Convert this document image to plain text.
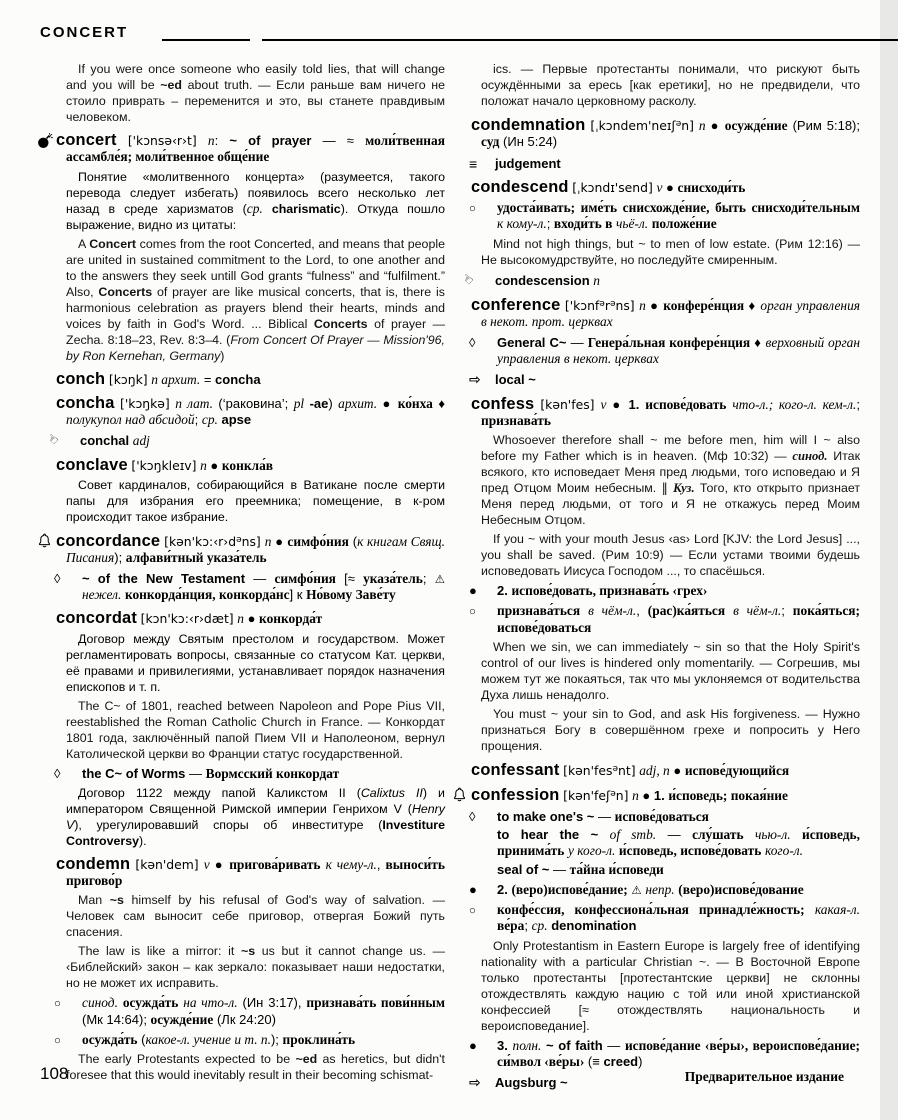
CONCERT

If you were once someone who easily told lies, that will change and you will be ~ed about truth. — Если раньше вам ничего не стоило приврать – переменится и это, вы станете правдивым человеком.

concert ['kɔnsə‹r›t] n: ~ of prayer — ≈ моли́твенная ассамбле́я; моли́твенное обще́ние

Понятие «молитвенного концерта» (разумеется, такого перевода следует избегать) появилось всего несколько лет назад в среде харизматов (ср. charismatic). Откуда пошло выражение, видно из цитаты:

A Concert comes from the root Concerted, and means that people are united in sustained commitment to the Lord, to one another and to the answers they seek untill God grants “fulness” and “fulfilment.” Also, Concerts of prayer are like musical concerts, that is, there is harmonious celebration as prayers blend their hearts, minds and voices by faith in God's Word. ... Biblical Concerts of prayer — Zecha. 8:18–23, Rev. 8:3–4. (From Concert Of Prayer — Mission'96, by Ron Kernehan, Germany)

conch [kɔŋk] n архит. = concha

concha ['kɔŋkə] n лат. (‘раковина’; pl -ae) архит. ● ко́нха ♦ полукупол над абсидой; ср. apse

☜ conchal adj

conclave ['kɔŋkleɪv] n ● конкла́в

Совет кардиналов, собирающийся в Ватикане после смерти папы для избрания его преемника; помещение, в к-ром происходит такое избрание.

concordance $[kən'kɔ:‹r›d^əns]$ n ● симфо́ния (к книгам Свящ. Писания); алфави́тный указа́тель

◊ ~ of the New Testament — симфо́ния [≈ указа́тель; ⚠ нежел. конкорда́нция, конкорда́нс] к Но́вому Заве́ту

concordat [kɔn'kɔ:‹r›dæt] n ● конкорда́т

Договор между Святым престолом и государством. Может регламентировать вопросы, связанные со статусом Кат. церкви, её правами и привилегиями, устанавливает порядок назначения епископов и т. п.

The C~ of 1801, reached between Napoleon and Pope Pius VII, reestablished the Roman Catholic Church in France. — Конкордат 1801 года, заключённый папой Пием VII и Наполеоном, вернул Католической церкви во Франции статус государственной.

◊ the C~ of Worms — Вормсский конкордат

Договор 1122 между папой Каликстом II (Calixtus II) и императором Священной Римской империи Генрихом V (Henry V), урегулировавший споры об инвеституре (Investiture Controversy).

condemn [kən'dem] v ● пригова́ривать к чему-л., выноси́ть пригово́р

Man ~s himself by his refusal of God's way of salvation. — Человек сам выносит себе приговор, отвергая Божий путь спасения.

The law is like a mirror: it ~s us but it cannot change us. — ‹Библейский› закон – как зеркало: показывает наши недостатки, но не может их исправить.

○ синод. осужда́ть на что-л. (Ин 3:17), признава́ть пови́нным (Мк 14:64); осужде́ние (Лк 24:20)

○ осужда́ть (какое-л. учение и т. п.); проклина́ть

The early Protestants expected to be ~ed as heretics, but didn't foresee that this would inevitably result in their becoming schismat-

ics. — Первые протестанты понимали, что рискуют быть осуждёнными за ересь [как еретики], но не предвидели, что положат начало церковному расколу.

condemnation [ˌkɔndem'neɪʃ$^ə$n] n ● осужде́ние (Рим 5:18); суд (Ин 5:24)

≡ judgement

condescend [ˌkɔndɪ'send] v ● снисходи́ть

○ удоста́ивать; име́ть снисхожде́ние, быть снисходи́тельным к кому-л.; входи́ть в чьё-л. положе́ние

Mind not high things, but ~ to men of low estate. (Рим 12:16) — Не высокомудрствуйте, но последуйте смиренным.

☜ condescension n

conference $['kɔnf^ər^əns]$ n ● конфере́нция ♦ орган управления в некот. прот. церквах

◊ General C~ — Генера́льная конфере́нция ♦ верховный орган управления в некот. церквах

⇨ local ~

confess [kən'fes] v ● 1. испове́довать что-л.; кого-л. кем-л.; признава́ть

Whosoever therefore shall ~ me before men, him will I ~ also before my Father which is in heaven. (Мф 10:32) — синод. Итак всякого, кто исповедает Меня пред людьми, того исповедаю и Я пред Отцом Моим небесным. ‖ Куз. Того, кто открыто признает Меня перед людьми, от того и Я не откажусь перед Моим Небесным Отцом.

If you ~ with your mouth Jesus ‹as› Lord [KJV: the Lord Jesus] ..., you shall be saved. (Рим 10:9) — Если устами твоими будешь исповедовать Иисуса Господом ..., то спасёшься.

● 2. испове́довать, признава́ть ‹грех›

○ признава́ться в чём-л., (рас)ка́яться в чём-л.; пока́яться; испове́доваться

When we sin, we can immediately ~ sin so that the Holy Spirit's control of our lives is hindered only momentarily. — Согрешив, мы можем тут же покаяться, так что мы уклоняемся от водительства Духа лишь ненадолго.

You must ~ your sin to God, and ask His forgiveness. — Нужно признаться Богу в совершённом грехе и попросить у Него прощения.

confessant [kən'fes$^ə$nt] adj, n ● испове́дующийся

confession [kən'feʃ$^ə$n] n ● 1. и́споведь; покая́ние

◊ to make one's ~ — испове́доваться

to hear the ~ of smb. — слу́шать чью-л. и́споведь, принима́ть у кого-л. и́споведь, испове́довать кого-л.

seal of ~ — та́йна и́споведи

● 2. (веро)испове́дание; ⚠ непр. (веро)испове́дование

○ конфе́ссия, конфессиона́льная принадле́жность; какая-л. ве́ра; ср. denomination

Only Protestantism in Eastern Europe is largely free of identifying nationality with a particular Christian ~. — В Восточной Европе только протестанты [протестантские церкви] не склонны отождествлять каждую нацию с той или иной христианской конфессией [≈ отождествлять национальность и вероисповедание].

● 3. полн. ~ of faith — испове́дание ‹ве́ры›, вероиспове́дание; си́мвол ‹ве́ры› (≡ creed)

⇨ Augsburg ~

108	Предварительное издание
